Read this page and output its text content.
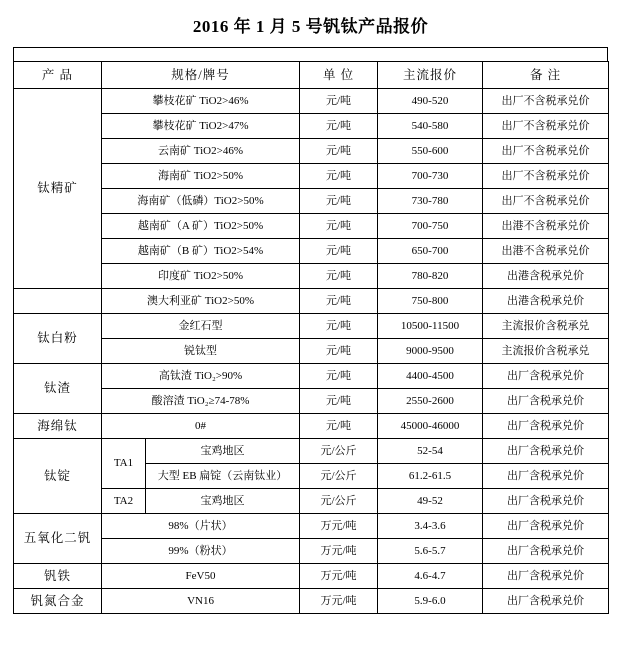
2016 年 1 月 5 号钒钛产品报价
产 品	规格/牌号		单 位	主流报价	备 注
钛精矿	攀枝花矿 TiO2>46%		元/吨	490-520	出厂不含税承兑价
	攀枝花矿 TiO2>47%		元/吨	540-580	出厂不含税承兑价
	云南矿 TiO2>46%		元/吨	550-600	出厂不含税承兑价
	海南矿 TiO2>50%		元/吨	700-730	出厂不含税承兑价
	海南矿（低磷）TiO2>50%		元/吨	730-780	出厂不含税承兑价
	越南矿（A 矿）TiO2>50%		元/吨	700-750	出港不含税承兑价
	越南矿（B 矿）TiO2>54%		元/吨	650-700	出港不含税承兑价
	印度矿 TiO2>50%		元/吨	780-820	出港含税承兑价
	澳大利亚矿 TiO2>50%		元/吨	750-800	出港含税承兑价
钛白粉	金红石型		元/吨	10500-11500	主流报价含税承兑
	锐钛型		元/吨	9000-9500	主流报价含税承兑
钛渣	高钛渣 TiO₂>90%		元/吨	4400-4500	出厂含税承兑价
	酸溶渣 TiO₂≥74-78%		元/吨	2550-2600	出厂含税承兑价
海绵钛	0#		元/吨	45000-46000	出厂含税承兑价
钛锭	TA1	宝鸡地区	元/公斤	52-54	出厂含税承兑价
		大型 EB 扁锭（云南钛业）	元/公斤	61.2-61.5	出厂含税承兑价
	TA2	宝鸡地区	元/公斤	49-52	出厂含税承兑价
五氧化二钒	98%（片状）		万元/吨	3.4-3.6	出厂含税承兑价
	99%（粉状）		万元/吨	5.6-5.7	出厂含税承兑价
钒铁	FeV50		万元/吨	4.6-4.7	出厂含税承兑价
钒氮合金	VN16		万元/吨	5.9-6.0	出厂含税承兑价
